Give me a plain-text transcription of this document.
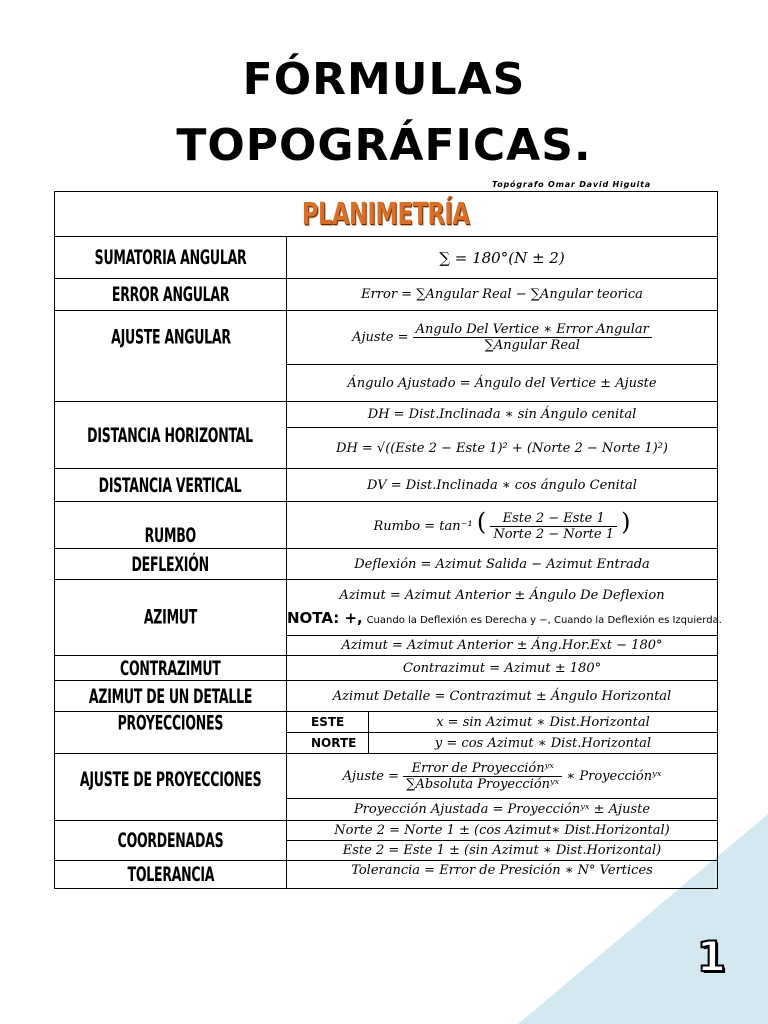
FÓRMULAS
TOPOGRÁFICAS.
Topógrafo Omar David Higuita
PLANIMETRÍA		
SUMATORIA ANGULAR	∑ = 180°(N ± 2)	
ERROR ANGULAR	Error = ∑Angular Real − ∑Angular teorica	
AJUSTE ANGULAR	Ajuste = $\frac{\text{Angulo Del Vertice ∗ Error Angular}}{\text{∑Angular Real}}$

	Ángulo Ajustado = Ángulo del Vertice ± Ajuste	
DISTANCIA HORIZONTAL	DH = Dist.Inclinada ∗ sin Ángulo cenital	
	DH = √((Este 2 − Este 1)² + (Norte 2 − Norte 1)²)	
DISTANCIA VERTICAL	DV = Dist.Inclinada ∗ cos ángulo Cenital	
RUMBO	Rumbo = tan⁻¹ ( $\frac{\text{Este 2 − Este 1}}{\text{Norte 2 − Norte 1}}$ )	
DEFLEXIÓN	Deflexión = Azimut Salida − Azimut Entrada	
AZIMUT	Azimut = Azimut Anterior ± Ángulo De Deflexion
NOTA: +, Cuando la Deflexión es Derecha y −, Cuando la Deflexión es Izquierda.	

	Azimut = Azimut Anterior ± Áng.Hor.Ext − 180°	
CONTRAZIMUT	Contrazimut = Azimut ± 180°	
AZIMUT DE UN DETALLE	Azimut Detalle = Contrazimut ± Ángulo Horizontal	
PROYECCIONES	ESTE	x = sin Azimut ∗ Dist.Horizontal
	NORTE	y = cos Azimut ∗ Dist.Horizontal
AJUSTE DE PROYECCIONES	Ajuste = $\frac{\text{Error de Proyecciónʸˣ}}{\text{∑Absoluta Proyecciónʸˣ}}$ ∗ Proyecciónʸˣ	
	Proyección Ajustada = Proyecciónʸˣ ± Ajuste	
COORDENADAS	Norte 2 = Norte 1 ± (cos Azimut∗ Dist.Horizontal)	
	Este 2 = Este 1 ± (sin Azimut ∗ Dist.Horizontal)	
TOLERANCIA	Tolerancia = Error de Presición ∗ N° Vertices	
1
